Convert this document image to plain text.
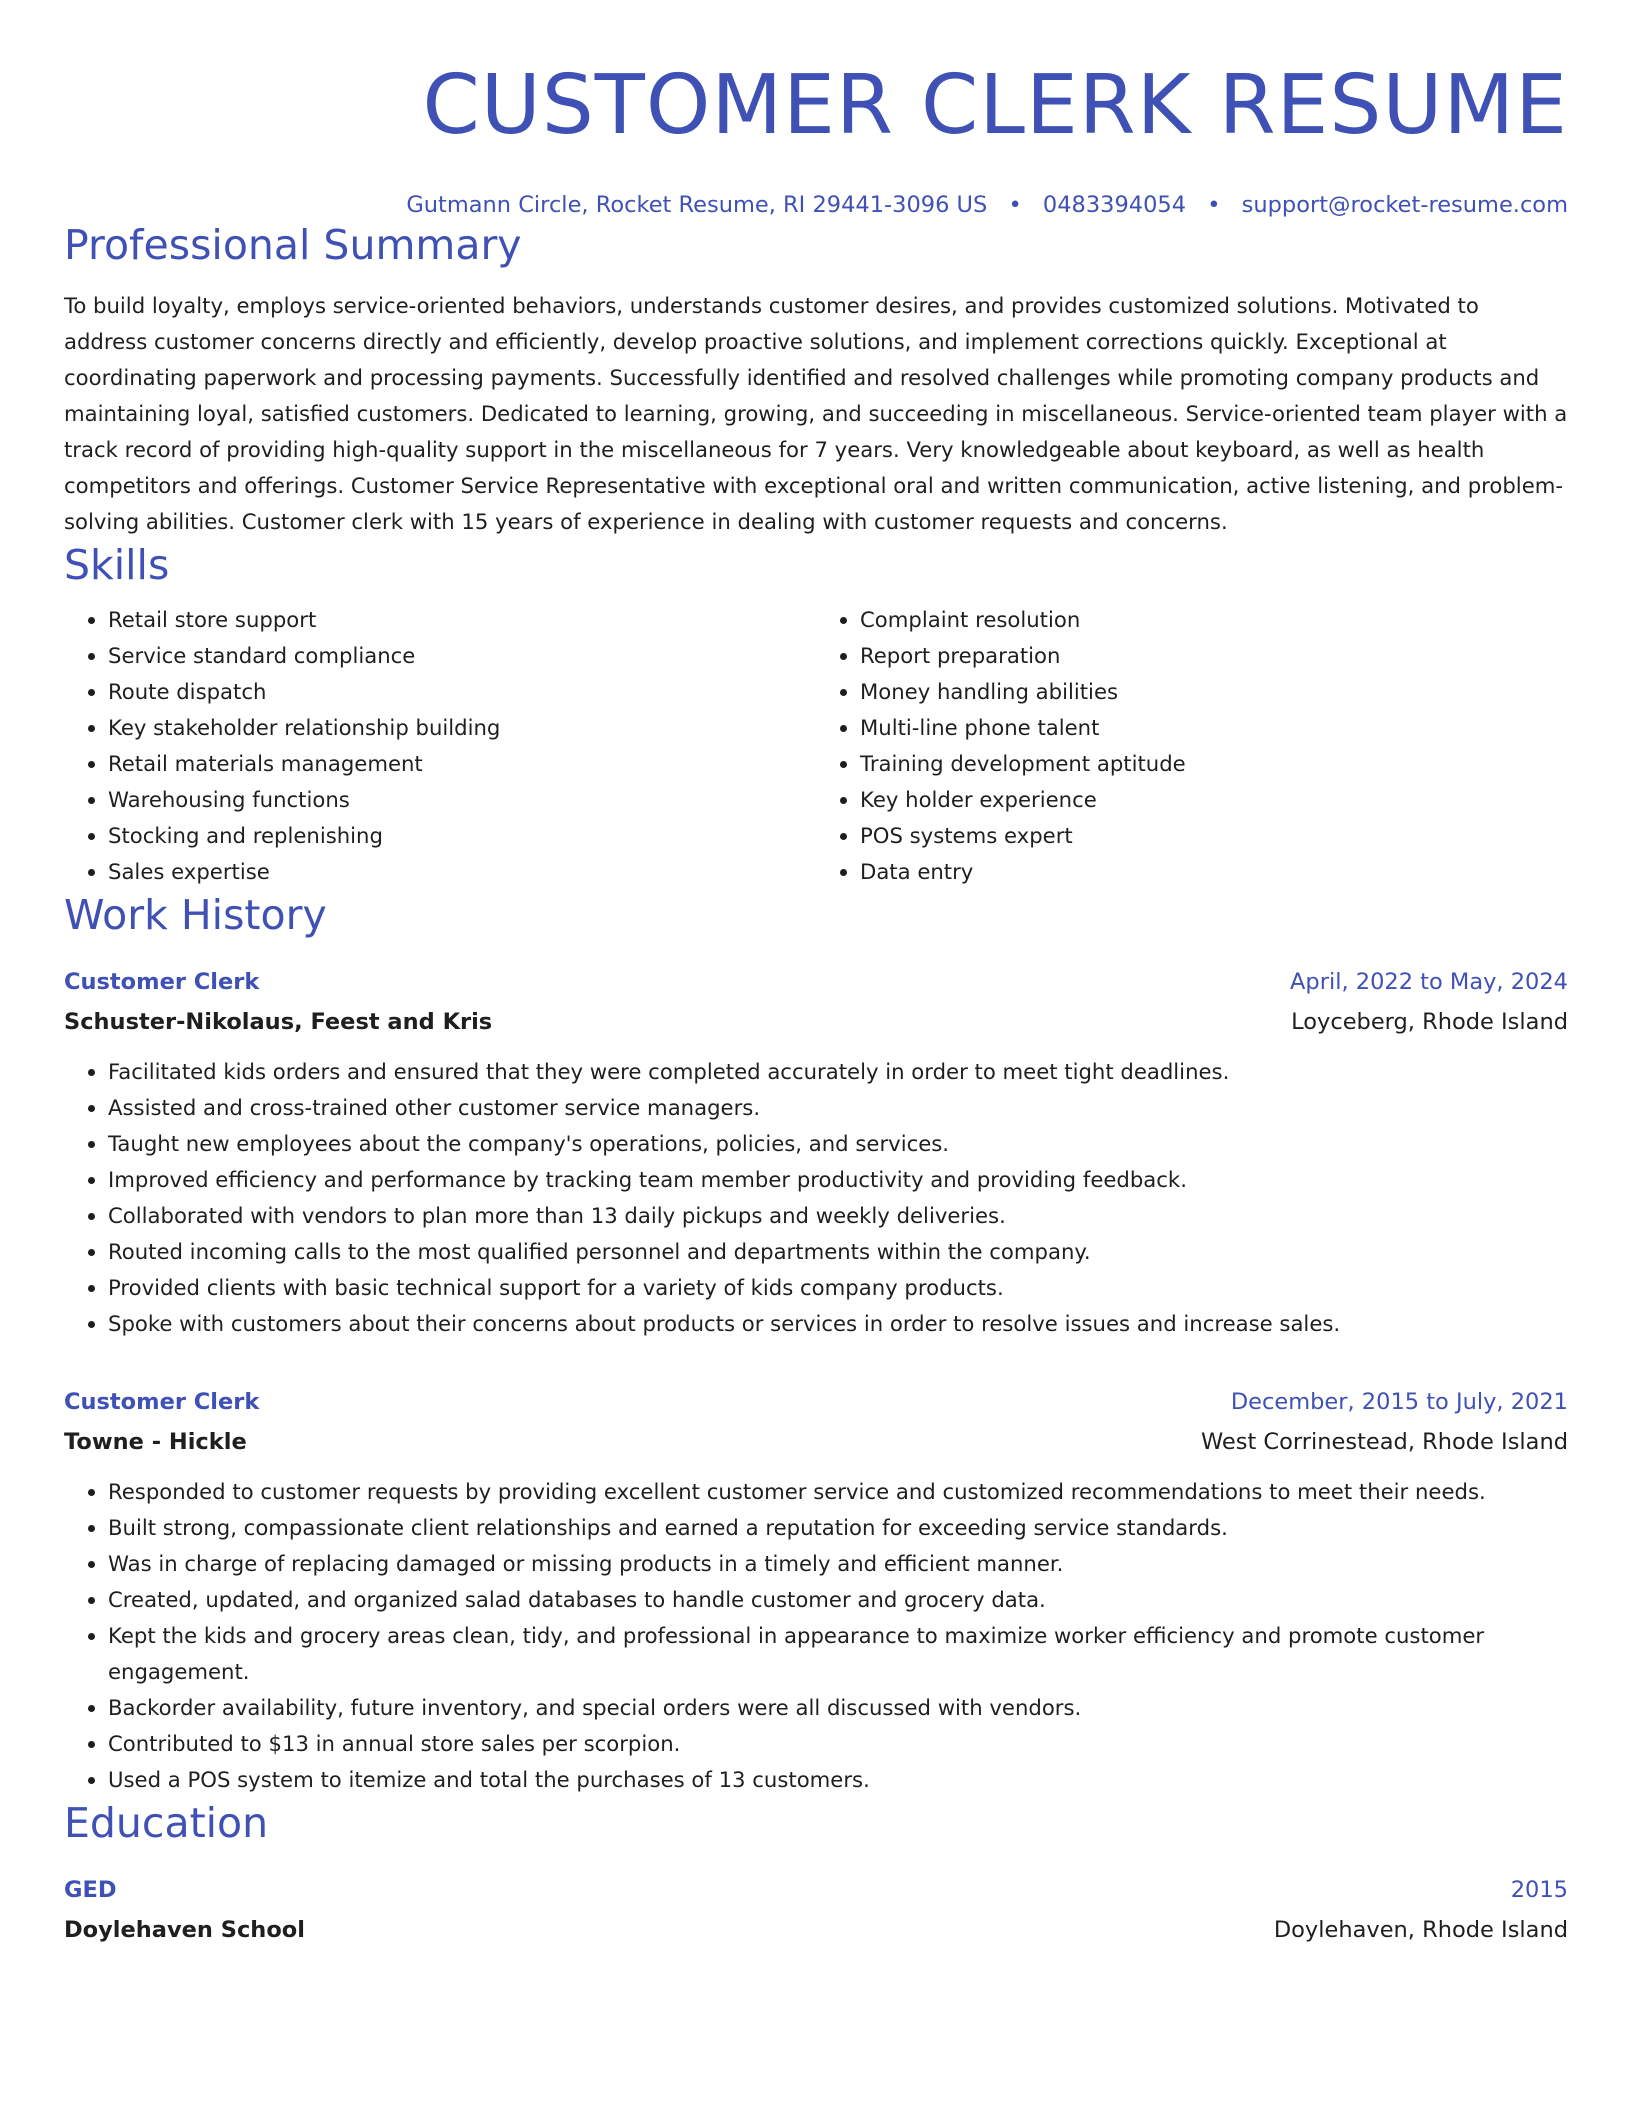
CUSTOMER CLERK RESUME
Gutmann Circle, Rocket Resume, RI 29441-3096 US • 0483394054 • support@rocket-resume.com
Professional Summary

To build loyalty, employs service-oriented behaviors, understands customer desires, and provides customized solutions. Motivated to address customer concerns directly and efficiently, develop proactive solutions, and implement corrections quickly. Exceptional at coordinating paperwork and processing payments. Successfully identified and resolved challenges while promoting company products and maintaining loyal, satisfied customers. Dedicated to learning, growing, and succeeding in miscellaneous. Service-oriented team player with a track record of providing high-quality support in the miscellaneous for 7 years. Very knowledgeable about keyboard, as well as health competitors and offerings. Customer Service Representative with exceptional oral and written communication, active listening, and problem-solving abilities. Customer clerk with 15 years of experience in dealing with customer requests and concerns.

Skills
• Retail store support
• Service standard compliance
• Route dispatch
• Key stakeholder relationship building
• Retail materials management
• Warehousing functions
• Stocking and replenishing
• Sales expertise
• Complaint resolution
• Report preparation
• Money handling abilities
• Multi-line phone talent
• Training development aptitude
• Key holder experience
• POS systems expert
• Data entry
Work History
Customer Clerk	April, 2022 to May, 2024
Schuster-Nikolaus, Feest and Kris	Loyceberg, Rhode Island
• Facilitated kids orders and ensured that they were completed accurately in order to meet tight deadlines.
• Assisted and cross-trained other customer service managers.
• Taught new employees about the company's operations, policies, and services.
• Improved efficiency and performance by tracking team member productivity and providing feedback.
• Collaborated with vendors to plan more than 13 daily pickups and weekly deliveries.
• Routed incoming calls to the most qualified personnel and departments within the company.
• Provided clients with basic technical support for a variety of kids company products.
• Spoke with customers about their concerns about products or services in order to resolve issues and increase sales.
Customer Clerk	December, 2015 to July, 2021
Towne - Hickle	West Corrinestead, Rhode Island
• Responded to customer requests by providing excellent customer service and customized recommendations to meet their needs.
• Built strong, compassionate client relationships and earned a reputation for exceeding service standards.
• Was in charge of replacing damaged or missing products in a timely and efficient manner.
• Created, updated, and organized salad databases to handle customer and grocery data.
• Kept the kids and grocery areas clean, tidy, and professional in appearance to maximize worker efficiency and promote customer engagement.
• Backorder availability, future inventory, and special orders were all discussed with vendors.
• Contributed to $13 in annual store sales per scorpion.
• Used a POS system to itemize and total the purchases of 13 customers.
Education
GED	2015
Doylehaven School	Doylehaven, Rhode Island
